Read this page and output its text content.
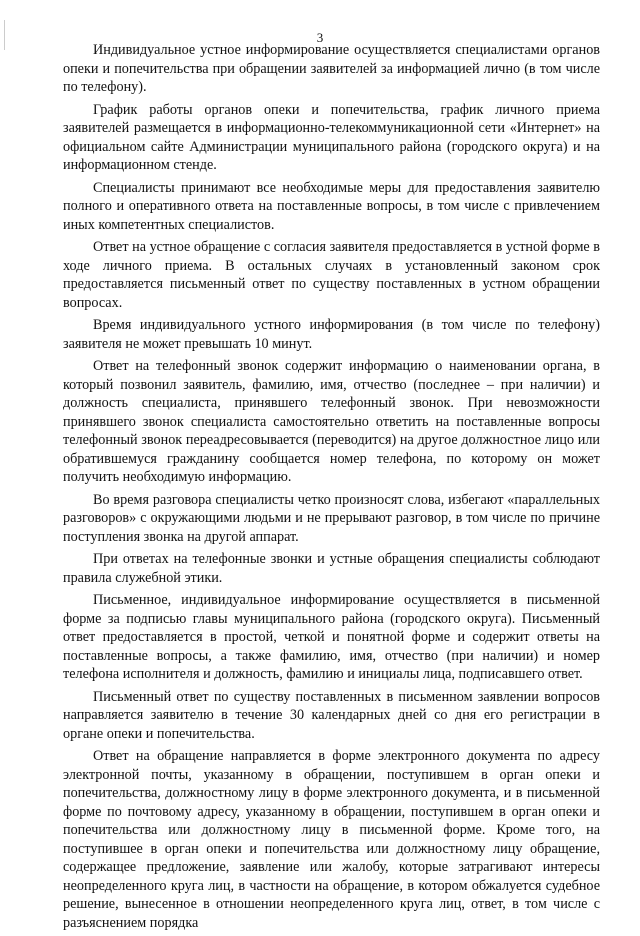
3

Индивидуальное устное информирование осуществляется специалистами органов опеки и попечительства при обращении заявителей за информацией лично (в том числе по телефону).

График работы органов опеки и попечительства, график личного приема заявителей размещается в информационно-телекоммуникационной сети «Интернет» на официальном сайте Администрации муниципального района (городского округа) и на информационном стенде.

Специалисты принимают все необходимые меры для предоставления заявителю полного и оперативного ответа на поставленные вопросы, в том числе с привлечением иных компетентных специалистов.

Ответ на устное обращение с согласия заявителя предоставляется в устной форме в ходе личного приема. В остальных случаях в установленный законом срок предоставляется письменный ответ по существу поставленных в устном обращении вопросах.

Время индивидуального устного информирования (в том числе по телефону) заявителя не может превышать 10 минут.

Ответ на телефонный звонок содержит информацию о наименовании органа, в который позвонил заявитель, фамилию, имя, отчество (последнее – при наличии) и должность специалиста, принявшего телефонный звонок. При невозможности принявшего звонок специалиста самостоятельно ответить на поставленные вопросы телефонный звонок переадресовывается (переводится) на другое должностное лицо или обратившемуся гражданину сообщается номер телефона, по которому он может получить необходимую информацию.

Во время разговора специалисты четко произносят слова, избегают «параллельных разговоров» с окружающими людьми и не прерывают разговор, в том числе по причине поступления звонка на другой аппарат.

При ответах на телефонные звонки и устные обращения специалисты соблюдают правила служебной этики.

Письменное, индивидуальное информирование осуществляется в письменной форме за подписью главы муниципального района (городского округа). Письменный ответ предоставляется в простой, четкой и понятной форме и содержит ответы на поставленные вопросы, а также фамилию, имя, отчество (при наличии) и номер телефона исполнителя и должность, фамилию и инициалы лица, подписавшего ответ.

Письменный ответ по существу поставленных в письменном заявлении вопросов направляется заявителю в течение 30 календарных дней со дня его регистрации в органе опеки и попечительства.

Ответ на обращение направляется в форме электронного документа по адресу электронной почты, указанному в обращении, поступившем в орган опеки и попечительства, должностному лицу в форме электронного документа, и в письменной форме по почтовому адресу, указанному в обращении, поступившем в орган опеки и попечительства или должностному лицу в письменной форме. Кроме того, на поступившее в орган опеки и попечительства или должностному лицу обращение, содержащее предложение, заявление или жалобу, которые затрагивают интересы неопределенного круга лиц, в частности на обращение, в котором обжалуется судебное решение, вынесенное в отношении неопределенного круга лиц, ответ, в том числе с разъяснением порядка
